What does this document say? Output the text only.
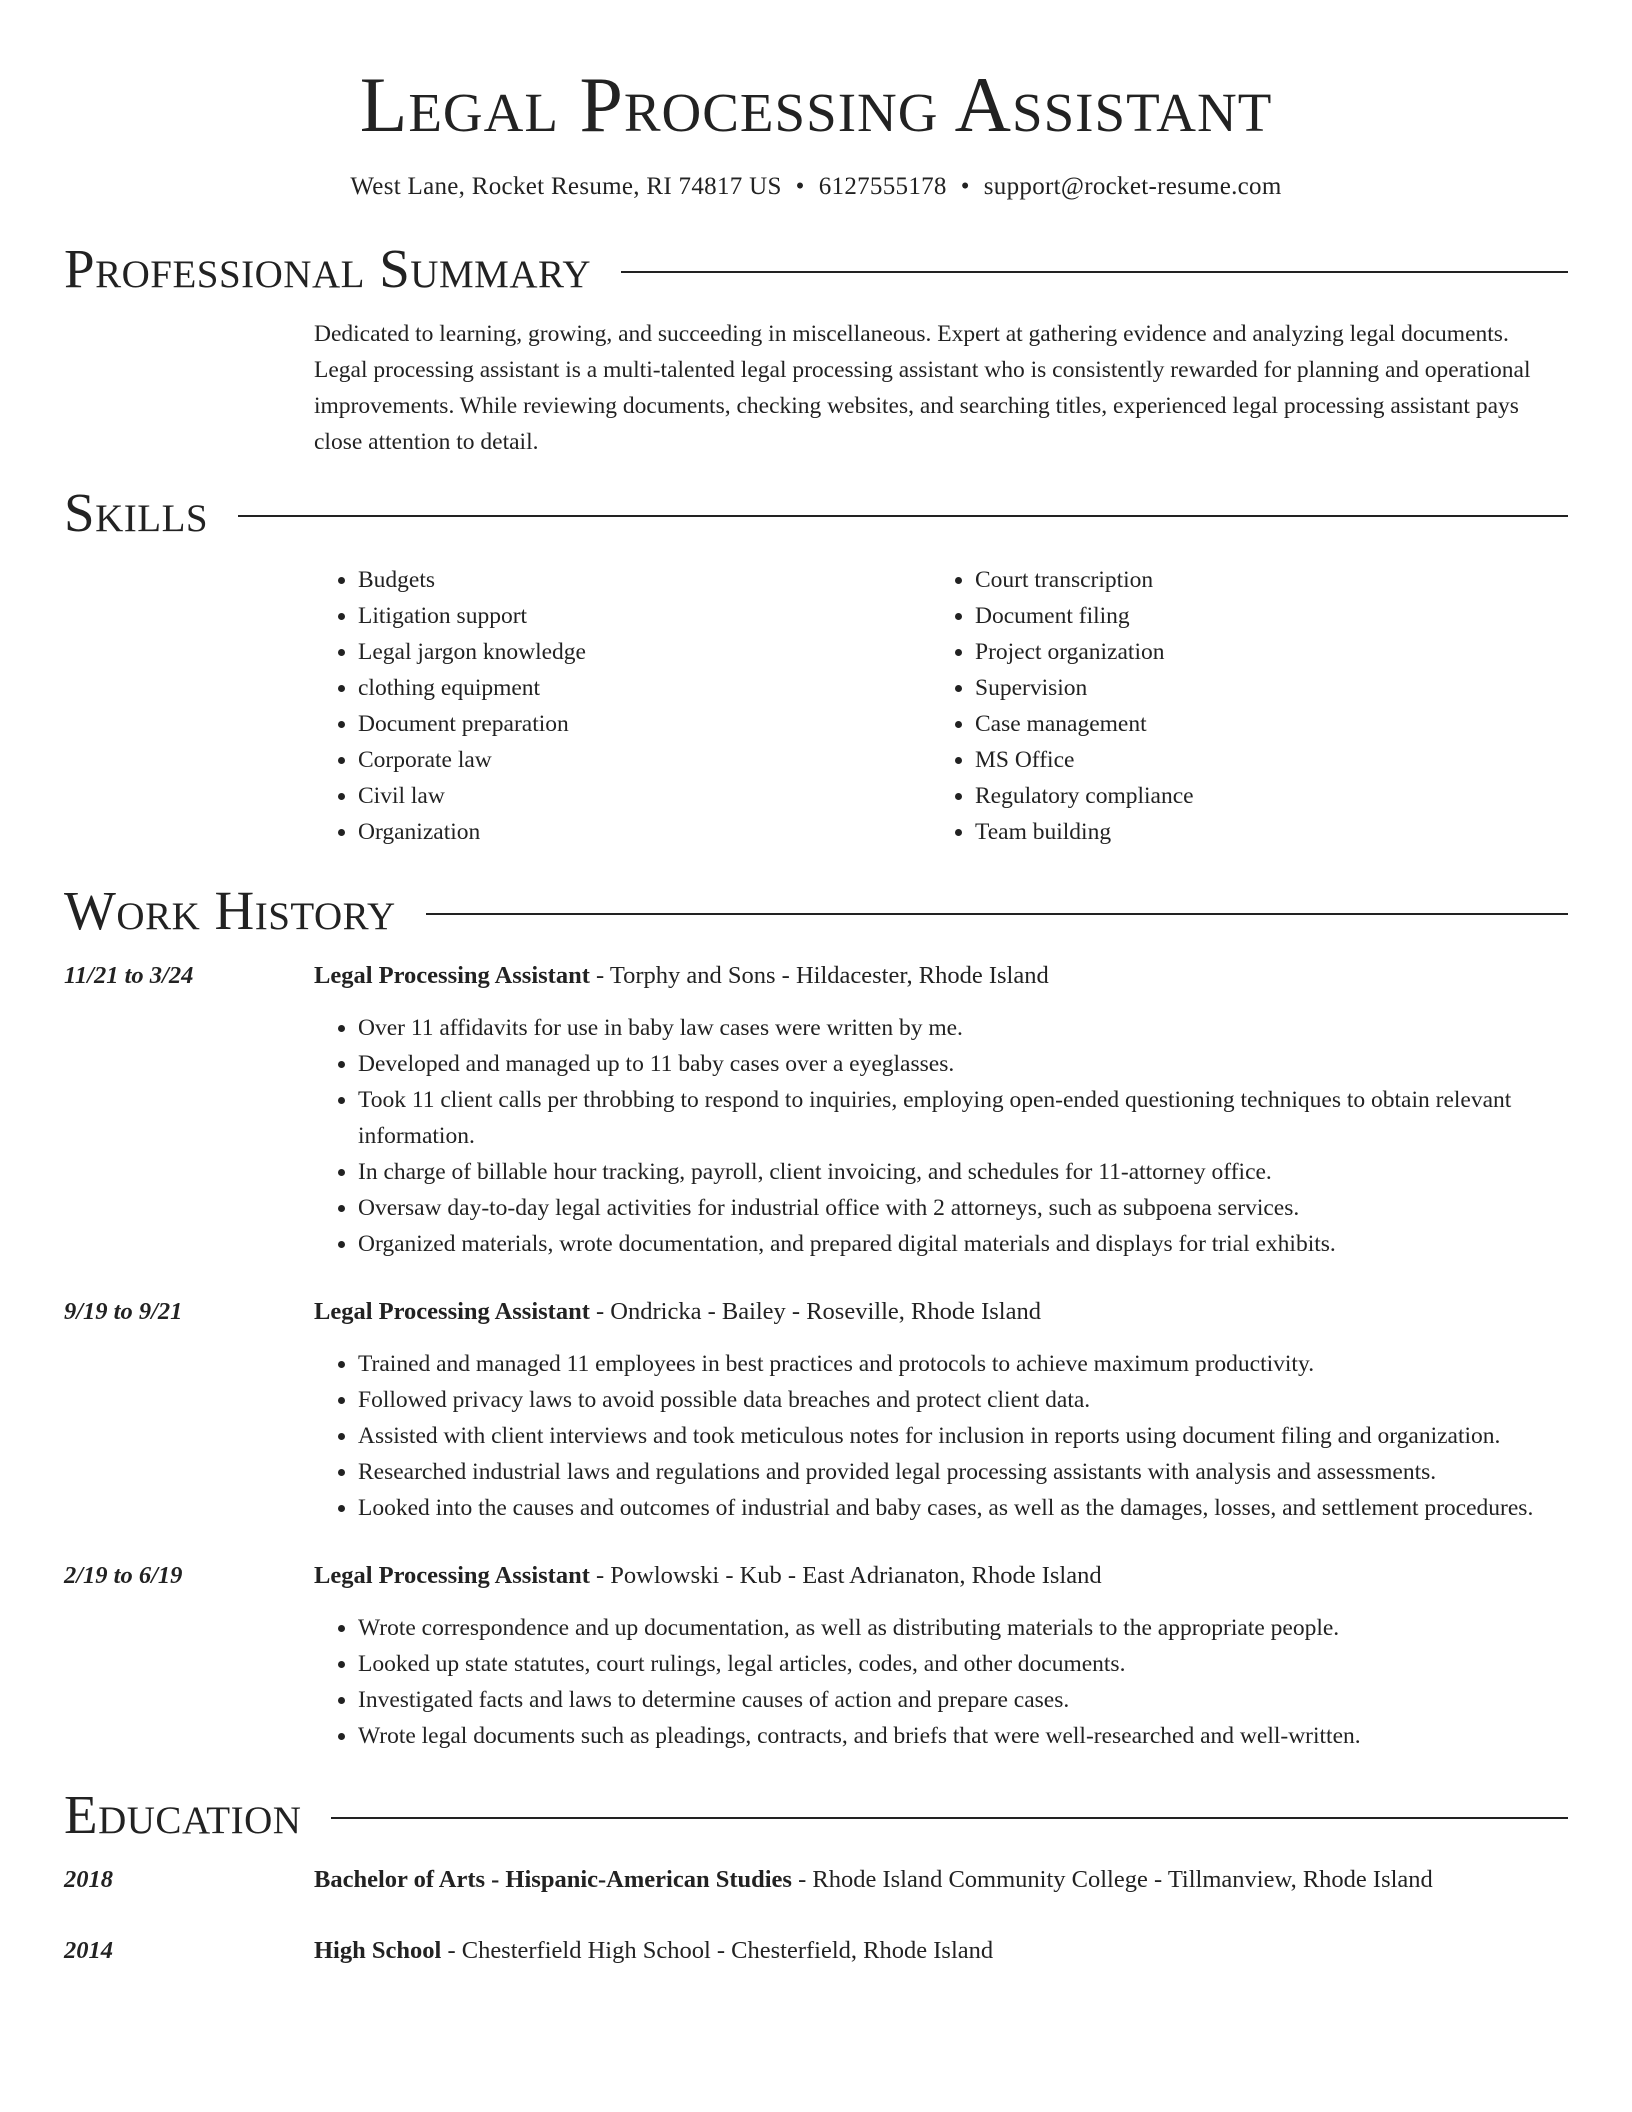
Legal Processing Assistant
West Lane, Rocket Resume, RI 74817 US • 6127555178 • support@rocket-resume.com
Professional Summary

Dedicated to learning, growing, and succeeding in miscellaneous. Expert at gathering evidence and analyzing legal documents. Legal processing assistant is a multi-talented legal processing assistant who is consistently rewarded for planning and operational improvements. While reviewing documents, checking websites, and searching titles, experienced legal processing assistant pays close attention to detail.

Skills
• Budgets
• Litigation support
• Legal jargon knowledge
• clothing equipment
• Document preparation
• Corporate law
• Civil law
• Organization
• Court transcription
• Document filing
• Project organization
• Supervision
• Case management
• MS Office
• Regulatory compliance
• Team building
Work History
11/21 to 3/24	Legal Processing Assistant - Torphy and Sons - Hildacester, Rhode Island
• Over 11 affidavits for use in baby law cases were written by me.
• Developed and managed up to 11 baby cases over a eyeglasses.
• Took 11 client calls per throbbing to respond to inquiries, employing open-ended questioning techniques to obtain relevant information.
• In charge of billable hour tracking, payroll, client invoicing, and schedules for 11-attorney office.
• Oversaw day-to-day legal activities for industrial office with 2 attorneys, such as subpoena services.
• Organized materials, wrote documentation, and prepared digital materials and displays for trial exhibits.
9/19 to 9/21	Legal Processing Assistant - Ondricka - Bailey - Roseville, Rhode Island
• Trained and managed 11 employees in best practices and protocols to achieve maximum productivity.
• Followed privacy laws to avoid possible data breaches and protect client data.
• Assisted with client interviews and took meticulous notes for inclusion in reports using document filing and organization.
• Researched industrial laws and regulations and provided legal processing assistants with analysis and assessments.
• Looked into the causes and outcomes of industrial and baby cases, as well as the damages, losses, and settlement procedures.
2/19 to 6/19	Legal Processing Assistant - Powlowski - Kub - East Adrianaton, Rhode Island
• Wrote correspondence and up documentation, as well as distributing materials to the appropriate people.
• Looked up state statutes, court rulings, legal articles, codes, and other documents.
• Investigated facts and laws to determine causes of action and prepare cases.
• Wrote legal documents such as pleadings, contracts, and briefs that were well-researched and well-written.
Education
2018	Bachelor of Arts - Hispanic-American Studies - Rhode Island Community College - Tillmanview, Rhode Island
2014	High School - Chesterfield High School - Chesterfield, Rhode Island
